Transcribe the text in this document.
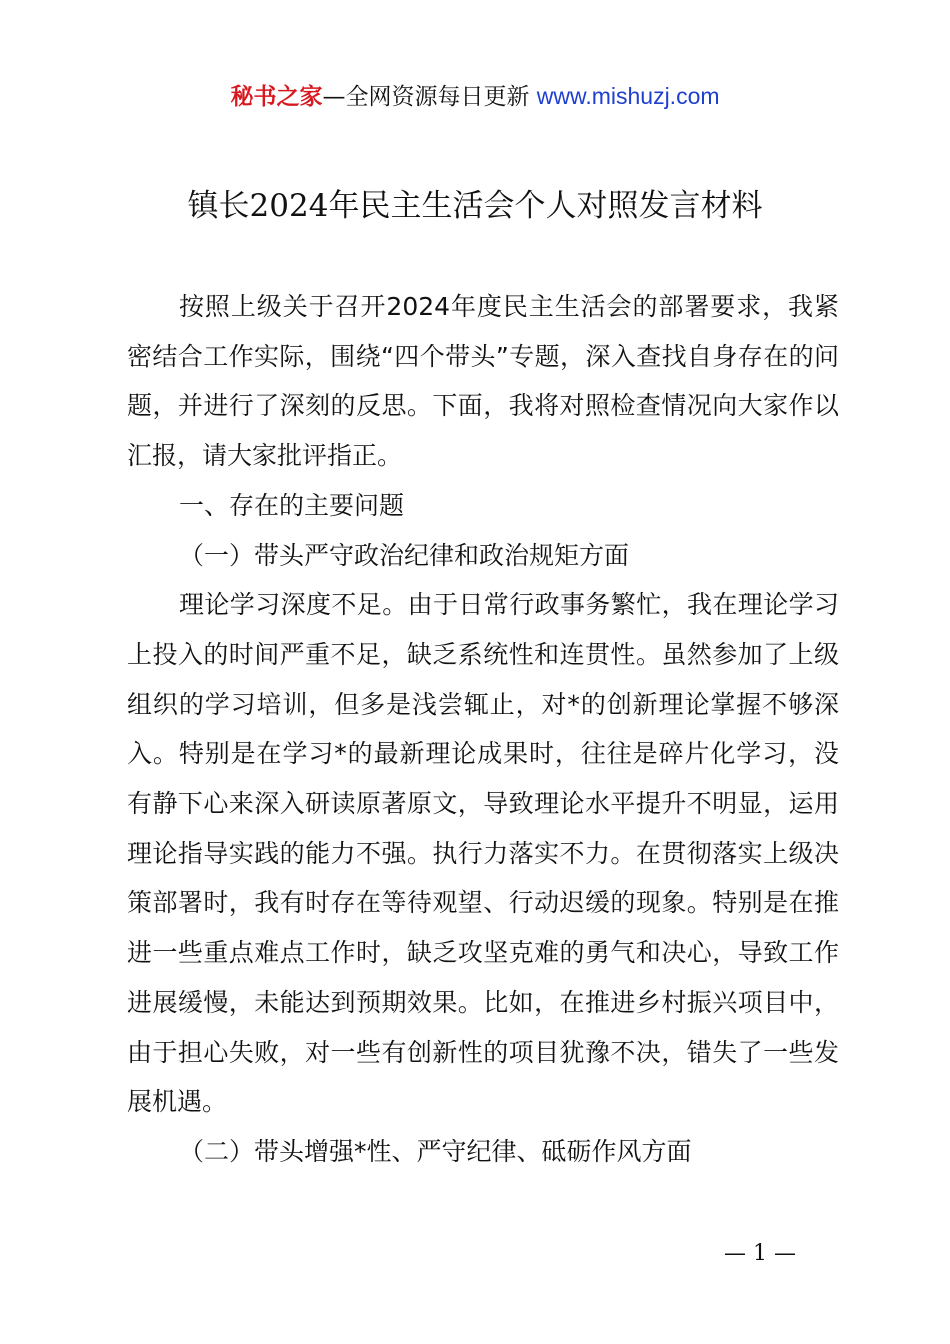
秘书之家—全网资源每日更新 www.mishuzj.com
镇长2024年民主生活会个人对照发言材料

按照上级关于召开2024年度民主生活会的部署要求，我紧密结合工作实际，围绕“四个带头”专题，深入查找自身存在的问题，并进行了深刻的反思。下面，我将对照检查情况向大家作以汇报，请大家批评指正。

一、存在的主要问题

（一）带头严守政治纪律和政治规矩方面

理论学习深度不足。由于日常行政事务繁忙，我在理论学习上投入的时间严重不足，缺乏系统性和连贯性。虽然参加了上级组织的学习培训，但多是浅尝辄止，对*的创新理论掌握不够深入。特别是在学习*的最新理论成果时，往往是碎片化学习，没有静下心来深入研读原著原文，导致理论水平提升不明显，运用理论指导实践的能力不强。执行力落实不力。在贯彻落实上级决策部署时，我有时存在等待观望、行动迟缓的现象。特别是在推进一些重点难点工作时，缺乏攻坚克难的勇气和决心，导致工作进展缓慢，未能达到预期效果。比如，在推进乡村振兴项目中，由于担心失败，对一些有创新性的项目犹豫不决，错失了一些发展机遇。

（二）带头增强*性、严守纪律、砥砺作风方面

— 1 —
